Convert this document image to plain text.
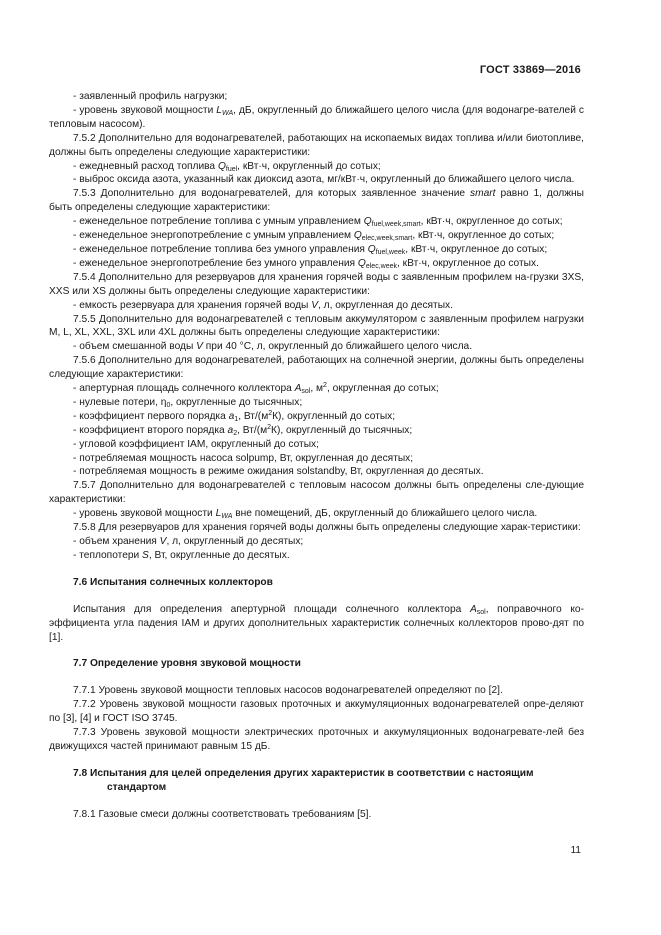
ГОСТ 33869—2016

- заявленный профиль нагрузки;

- уровень звуковой мощности $L_{WA}$, дБ, округленный до ближайшего целого числа (для водонагре-вателей с тепловым насосом).

7.5.2 Дополнительно для водонагревателей, работающих на ископаемых видах топлива и/или биотопливе, должны быть определены следующие характеристики:

- ежедневный расход топлива $Q_{fuel}$, кВт·ч, округленный до сотых;

- выброс оксида азота, указанный как диоксид азота, мг/кВт·ч, округленный до ближайшего целого числа.

7.5.3 Дополнительно для водонагревателей, для которых заявленное значение smart равно 1, должны быть определены следующие характеристики:

- еженедельное потребление топлива с умным управлением $Q_{fuel,week,smart}$, кВт·ч, округленное до сотых;

- еженедельное энергопотребление с умным управлением $Q_{elec,week,smart}$, кВт·ч, округленное до сотых;

- еженедельное потребление топлива без умного управления $Q_{fuel,week}$, кВт·ч, округленное до сотых;

- еженедельное энергопотребление без умного управления $Q_{elec,week}$, кВт·ч, округленное до сотых.

7.5.4 Дополнительно для резервуаров для хранения горячей воды с заявленным профилем на-грузки 3XS, XXS или XS должны быть определены следующие характеристики:

- емкость резервуара для хранения горячей воды V, л, округленная до десятых.

7.5.5 Дополнительно для водонагревателей с тепловым аккумулятором с заявленным профилем нагрузки M, L, XL, XXL, 3XL или 4XL должны быть определены следующие характеристики:

- объем смешанной воды V при 40 °С, л, округленный до ближайшего целого числа.

7.5.6 Дополнительно для водонагревателей, работающих на солнечной энергии, должны быть определены следующие характеристики:

- апертурная площадь солнечного коллектора $A_{sol}$, $м^2$, округленная до сотых;

- нулевые потери, $\eta_0$, округленные до тысячных;

- коэффициент первого порядка $a_1$, $Вт/(м^2К)$, округленный до сотых;

- коэффициент второго порядка $a_2$, $Вт/(м^2К)$, округленный до тысячных;

- угловой коэффициент IAM, округленный до сотых;

- потребляемая мощность насоса solpump, Вт, округленная до десятых;

- потребляемая мощность в режиме ожидания solstandby, Вт, округленная до десятых.

7.5.7 Дополнительно для водонагревателей с тепловым насосом должны быть определены сле-дующие характеристики:

- уровень звуковой мощности $L_{WA}$ вне помещений, дБ, округленный до ближайшего целого числа.

7.5.8 Для резервуаров для хранения горячей воды должны быть определены следующие харак-теристики:

- объем хранения V, л, округленный до десятых;

- теплопотери S, Вт, округленные до десятых.

7.6 Испытания солнечных коллекторов

Испытания для определения апертурной площади солнечного коллектора $A_{sol}$, поправочного ко-эффициента угла падения IAM и других дополнительных характеристик солнечных коллекторов прово-дят по [1].

7.7 Определение уровня звуковой мощности

7.7.1 Уровень звуковой мощности тепловых насосов водонагревателей определяют по [2].

7.7.2 Уровень звуковой мощности газовых проточных и аккумуляционных водонагревателей опре-деляют по [3], [4] и ГОСТ ISO 3745.

7.7.3 Уровень звуковой мощности электрических проточных и аккумуляционных водонагревате-лей без движущихся частей принимают равным 15 дБ.

7.8 Испытания для целей определения других характеристик в соответствии с настоящим стандартом

7.8.1 Газовые смеси должны соответствовать требованиям [5].

11
